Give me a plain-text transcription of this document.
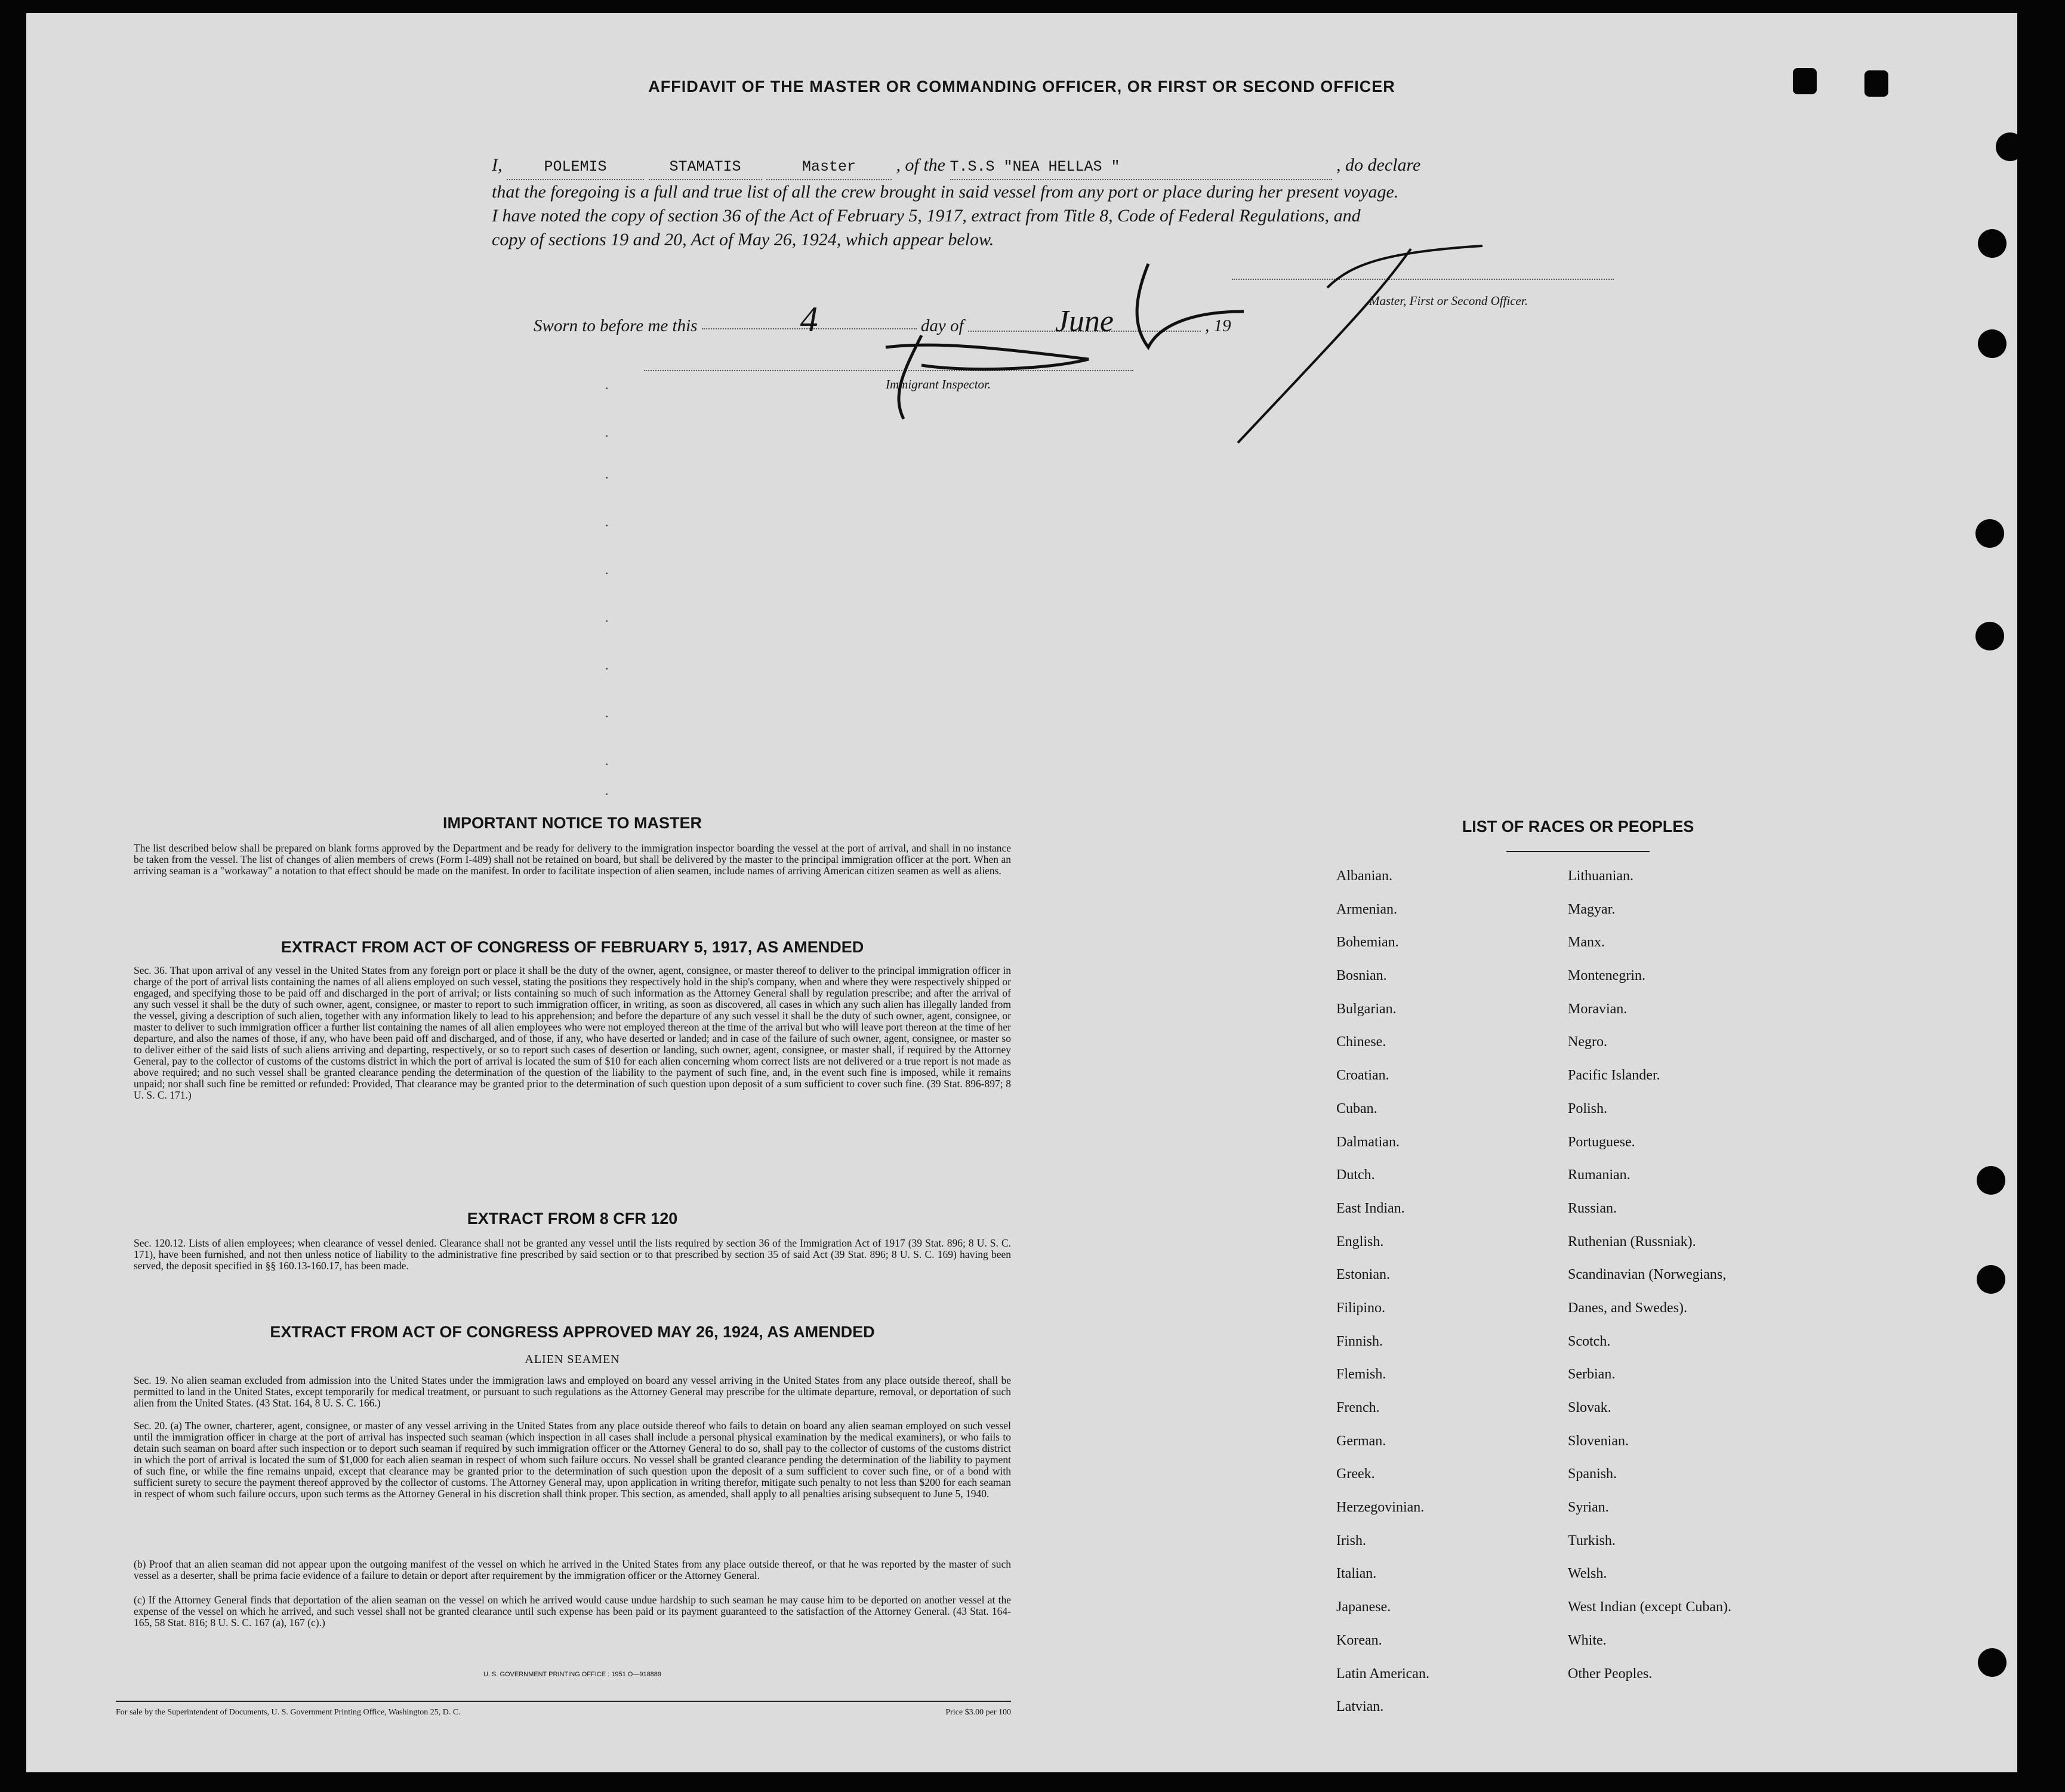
AFFIDAVIT OF THE MASTER OR COMMANDING OFFICER, OR FIRST OR SECOND OFFICER
I,	POLEMIS	STAMATIS	Master , of the T.S.S "NEA HELLAS "	, do declare
that the foregoing is a full and true list of all the crew brought in said vessel from any port or place during her present voyage.
I have noted the copy of section 36 of the Act of February 5, 1917, extract from Title 8, Code of Federal Regulations, and
copy of sections 19 and 20, Act of May 26, 1924, which appear below.
Sworn to before me this	4	day of	June	, 19
Master, First or Second Officer.
Immigrant Inspector.
.
.
.
.
.
.
.
.
.
.
IMPORTANT NOTICE TO MASTER
The list described below shall be prepared on blank forms approved by the Department and be ready for delivery to the immigration inspector boarding the vessel at the port of arrival, and shall in no instance be taken from the vessel. The list of changes of alien members of crews (Form I-489) shall not be retained on board, but shall be delivered by the master to the principal immigration officer at the port. When an arriving seaman is a "workaway" a notation to that effect should be made on the manifest. In order to facilitate inspection of alien seamen, include names of arriving American citizen seamen as well as aliens.
EXTRACT FROM ACT OF CONGRESS OF FEBRUARY 5, 1917, AS AMENDED
Sec. 36. That upon arrival of any vessel in the United States from any foreign port or place it shall be the duty of the owner, agent, consignee, or master thereof to deliver to the principal immigration officer in charge of the port of arrival lists containing the names of all aliens employed on such vessel, stating the positions they respectively hold in the ship's company, when and where they were respectively shipped or engaged, and specifying those to be paid off and discharged in the port of arrival; or lists containing so much of such information as the Attorney General shall by regulation prescribe; and after the arrival of any such vessel it shall be the duty of such owner, agent, consignee, or master to report to such immigration officer, in writing, as soon as discovered, all cases in which any such alien has illegally landed from the vessel, giving a description of such alien, together with any information likely to lead to his apprehension; and before the departure of any such vessel it shall be the duty of such owner, agent, consignee, or master to deliver to such immigration officer a further list containing the names of all alien employees who were not employed thereon at the time of the arrival but who will leave port thereon at the time of her departure, and also the names of those, if any, who have been paid off and discharged, and of those, if any, who have deserted or landed; and in case of the failure of such owner, agent, consignee, or master so to deliver either of the said lists of such aliens arriving and departing, respectively, or so to report such cases of desertion or landing, such owner, agent, consignee, or master shall, if required by the Attorney General, pay to the collector of customs of the customs district in which the port of arrival is located the sum of $10 for each alien concerning whom correct lists are not delivered or a true report is not made as above required; and no such vessel shall be granted clearance pending the determination of the question of the liability to the payment of such fine, and, in the event such fine is imposed, while it remains unpaid; nor shall such fine be remitted or refunded: Provided, That clearance may be granted prior to the determination of such question upon deposit of a sum sufficient to cover such fine. (39 Stat. 896-897; 8 U. S. C. 171.)
EXTRACT FROM 8 CFR 120
Sec. 120.12. Lists of alien employees; when clearance of vessel denied. Clearance shall not be granted any vessel until the lists required by section 36 of the Immigration Act of 1917 (39 Stat. 896; 8 U. S. C. 171), have been furnished, and not then unless notice of liability to the administrative fine prescribed by said section or to that prescribed by section 35 of said Act (39 Stat. 896; 8 U. S. C. 169) having been served, the deposit specified in §§ 160.13-160.17, has been made.
EXTRACT FROM ACT OF CONGRESS APPROVED MAY 26, 1924, AS AMENDED
ALIEN SEAMEN
Sec. 19. No alien seaman excluded from admission into the United States under the immigration laws and employed on board any vessel arriving in the United States from any place outside thereof, shall be permitted to land in the United States, except temporarily for medical treatment, or pursuant to such regulations as the Attorney General may prescribe for the ultimate departure, removal, or deportation of such alien from the United States. (43 Stat. 164, 8 U. S. C. 166.)
Sec. 20. (a) The owner, charterer, agent, consignee, or master of any vessel arriving in the United States from any place outside thereof who fails to detain on board any alien seaman employed on such vessel until the immigration officer in charge at the port of arrival has inspected such seaman (which inspection in all cases shall include a personal physical examination by the medical examiners), or who fails to detain such seaman on board after such inspection or to deport such seaman if required by such immigration officer or the Attorney General to do so, shall pay to the collector of customs of the customs district in which the port of arrival is located the sum of $1,000 for each alien seaman in respect of whom such failure occurs. No vessel shall be granted clearance pending the determination of the liability to payment of such fine, or while the fine remains unpaid, except that clearance may be granted prior to the determination of such question upon the deposit of a sum sufficient to cover such fine, or of a bond with sufficient surety to secure the payment thereof approved by the collector of customs. The Attorney General may, upon application in writing therefor, mitigate such penalty to not less than $200 for each seaman in respect of whom such failure occurs, upon such terms as the Attorney General in his discretion shall think proper. This section, as amended, shall apply to all penalties arising subsequent to June 5, 1940.
(b) Proof that an alien seaman did not appear upon the outgoing manifest of the vessel on which he arrived in the United States from any place outside thereof, or that he was reported by the master of such vessel as a deserter, shall be prima facie evidence of a failure to detain or deport after requirement by the immigration officer or the Attorney General.
(c) If the Attorney General finds that deportation of the alien seaman on the vessel on which he arrived would cause undue hardship to such seaman he may cause him to be deported on another vessel at the expense of the vessel on which he arrived, and such vessel shall not be granted clearance until such expense has been paid or its payment guaranteed to the satisfaction of the Attorney General. (43 Stat. 164-165, 58 Stat. 816; 8 U. S. C. 167 (a), 167 (c).)
U. S. GOVERNMENT PRINTING OFFICE : 1951 O—918889
For sale by the Superintendent of Documents, U. S. Government Printing Office, Washington 25, D. C.	Price $3.00 per 100
LIST OF RACES OR PEOPLES
Albanian.
Armenian.
Bohemian.
Bosnian.
Bulgarian.
Chinese.
Croatian.
Cuban.
Dalmatian.
Dutch.
East Indian.
English.
Estonian.
Filipino.
Finnish.
Flemish.
French.
German.
Greek.
Herzegovinian.
Irish.
Italian.
Japanese.
Korean.
Latin American.
Latvian.
Lithuanian.
Magyar.
Manx.
Montenegrin.
Moravian.
Negro.
Pacific Islander.
Polish.
Portuguese.
Rumanian.
Russian.
Ruthenian (Russniak).
Scandinavian (Norwegians,
Danes, and Swedes).
Scotch.
Serbian.
Slovak.
Slovenian.
Spanish.
Syrian.
Turkish.
Welsh.
West Indian (except Cuban).
White.
Other Peoples.
